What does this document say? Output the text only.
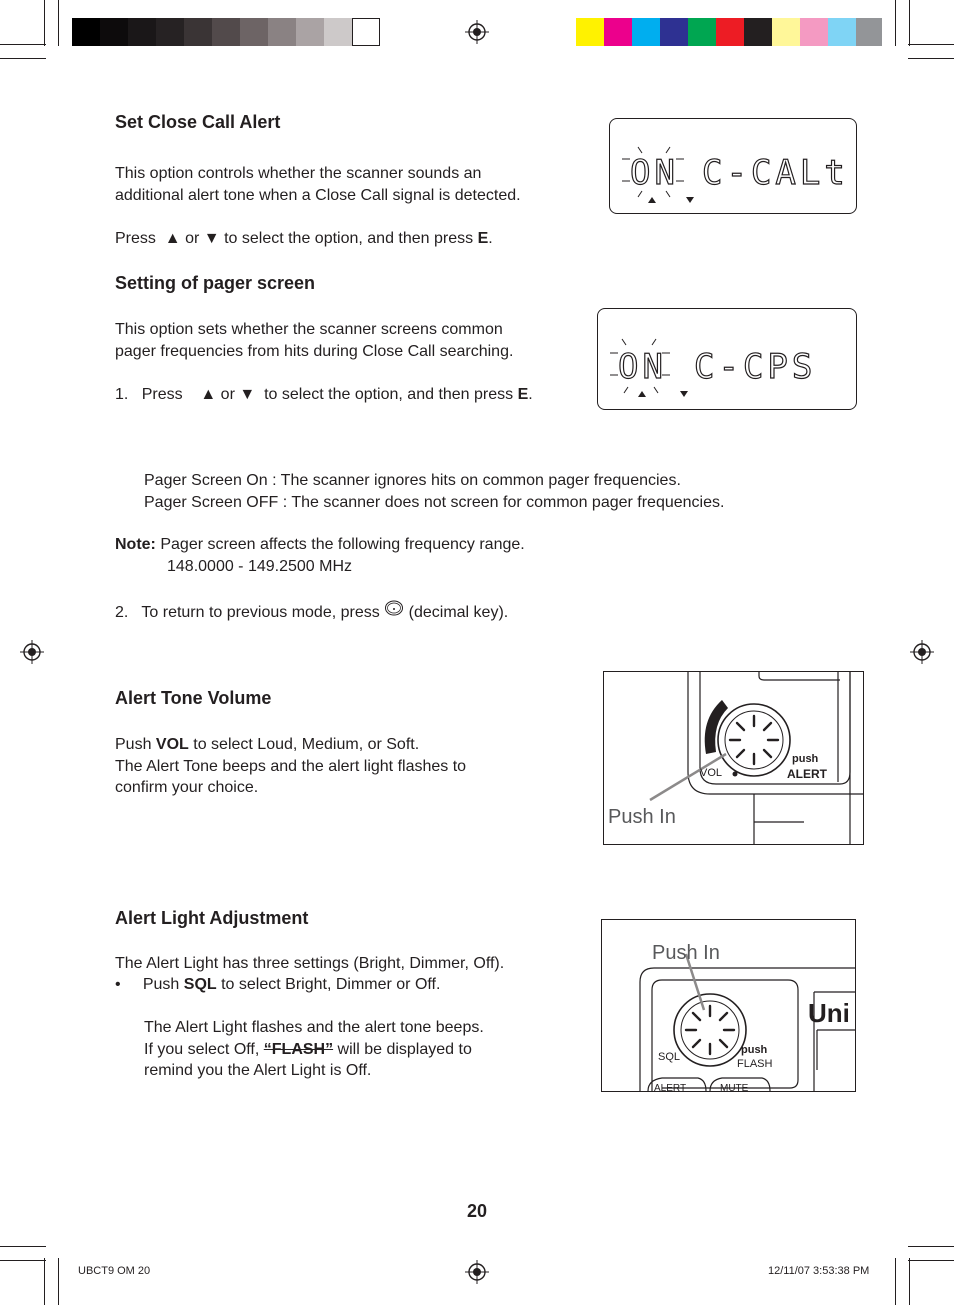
Set Close Call Alert
This option controls whether the scanner sounds an
additional alert tone when a Close Call signal is detected.
Press ▲ or ▼ to select the option, and then press E.
ON C-CALt
Setting of pager screen
This option sets whether the scanner screens common
pager frequencies from hits during Close Call searching.
1. Press ▲ or ▼ to select the option, and then press E.
ON C-CPS
Pager Screen On : The scanner ignores hits on common pager frequencies.
Pager Screen OFF : The scanner does not screen for common pager frequencies.
Note: Pager screen affects the following frequency range.
148.0000 - 149.2500 MHz
2. To return to previous mode, press (decimal key).
Alert Tone Volume
Push VOL to select Loud, Medium, or Soft.
The Alert Tone beeps and the alert light flashes to
confirm your choice.
VOL
push
ALERT
Push In
Alert Light Adjustment
The Alert Light has three settings (Bright, Dimmer, Off).
• Push SQL to select Bright, Dimmer or Off.
The Alert Light flashes and the alert tone beeps.
If you select Off, “FLASH” will be displayed to
remind you the Alert Light is Off.
Push In
SQL
push
FLASH
Uni
ALERT	MUTE
20
UBCT9 OM 20	12/11/07 3:53:38 PM
